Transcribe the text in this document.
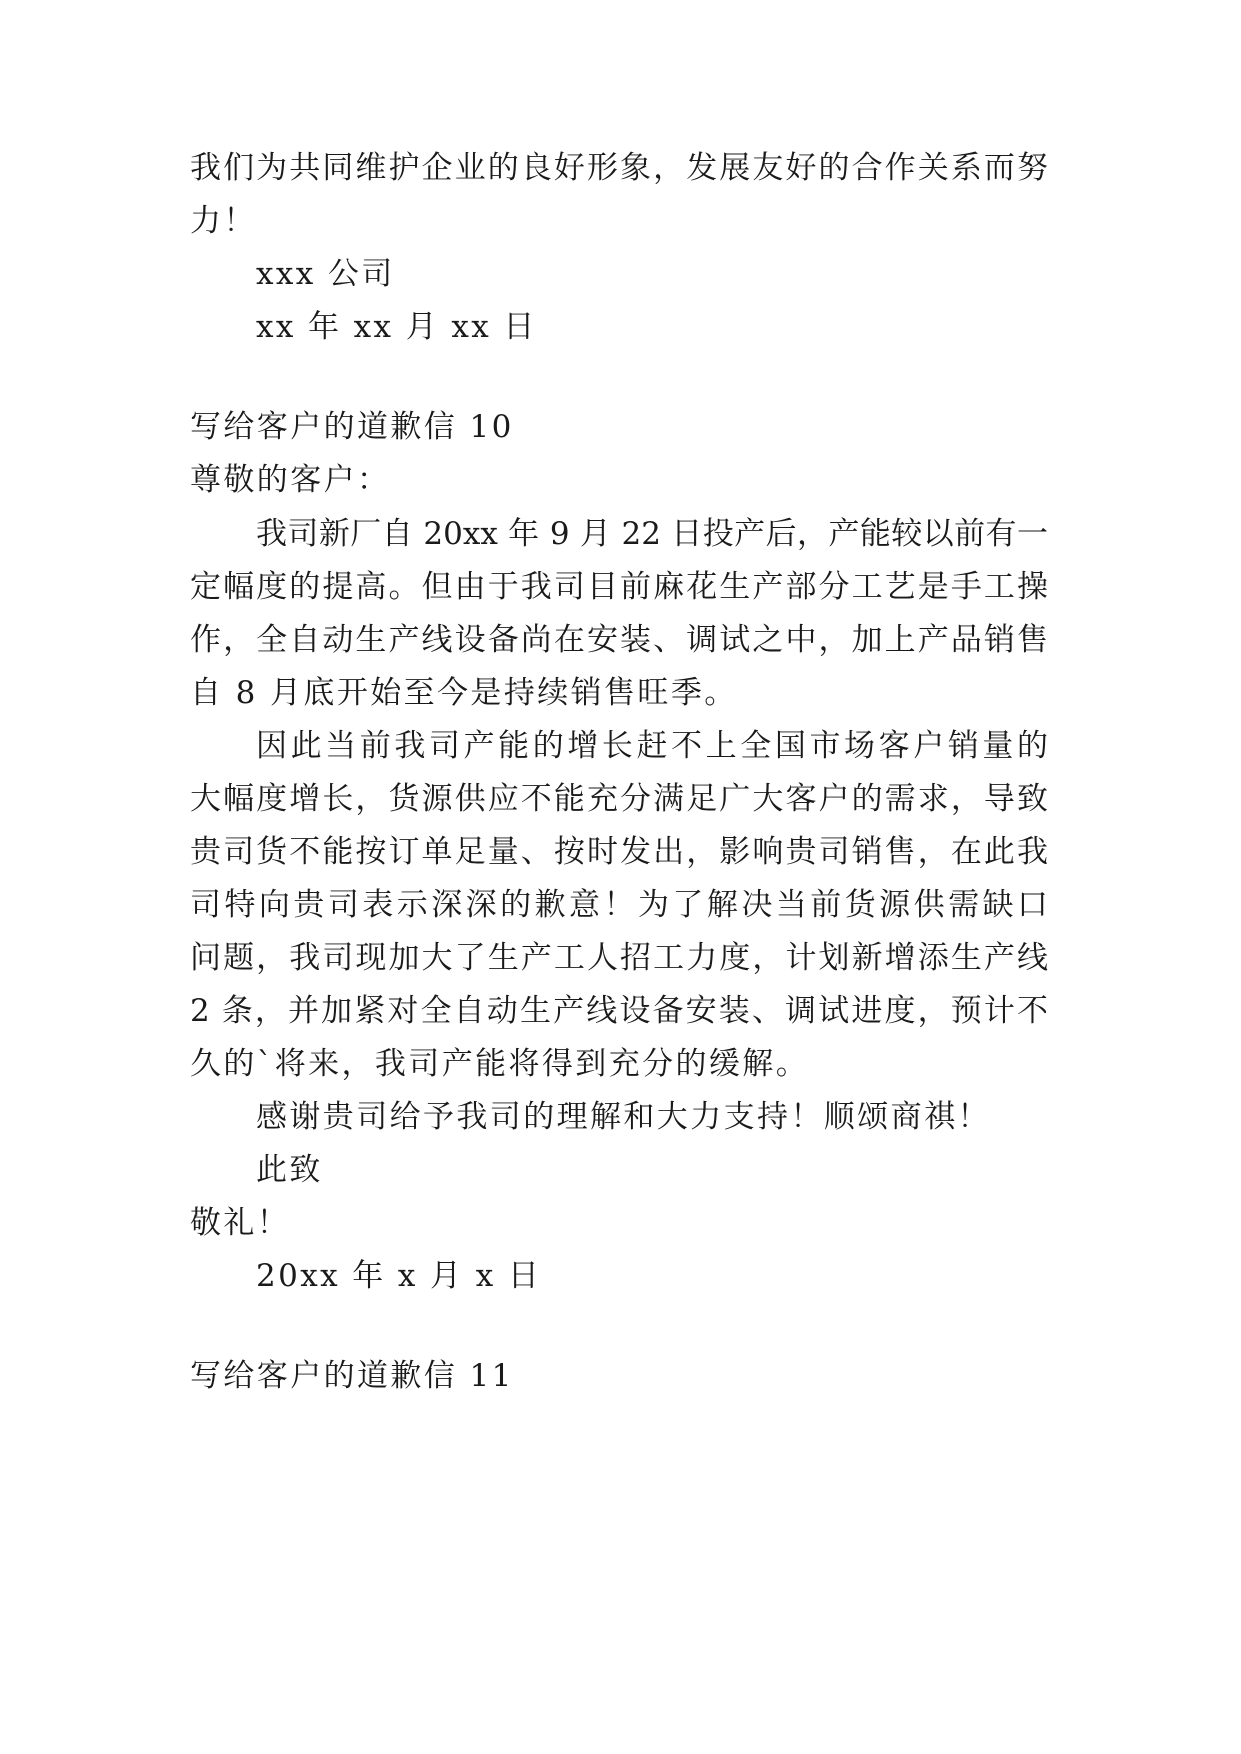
我们为共同维护企业的良好形象，发展友好的合作关系而努
力！
xxx 公司
xx 年 xx 月 xx 日
写给客户的道歉信 10
尊敬的客户：
我司新厂自 20xx 年 9 月 22 日投产后，产能较以前有一
定幅度的提高。但由于我司目前麻花生产部分工艺是手工操
作，全自动生产线设备尚在安装、调试之中，加上产品销售
自 8 月底开始至今是持续销售旺季。
因此当前我司产能的增长赶不上全国市场客户销量的
大幅度增长，货源供应不能充分满足广大客户的需求，导致
贵司货不能按订单足量、按时发出，影响贵司销售，在此我
司特向贵司表示深深的歉意！为了解决当前货源供需缺口
问题，我司现加大了生产工人招工力度，计划新增添生产线
2 条，并加紧对全自动生产线设备安装、调试进度，预计不
久的`将来，我司产能将得到充分的缓解。
感谢贵司给予我司的理解和大力支持！顺颂商祺！
此致
敬礼！
20xx 年 x 月 x 日
写给客户的道歉信 11
